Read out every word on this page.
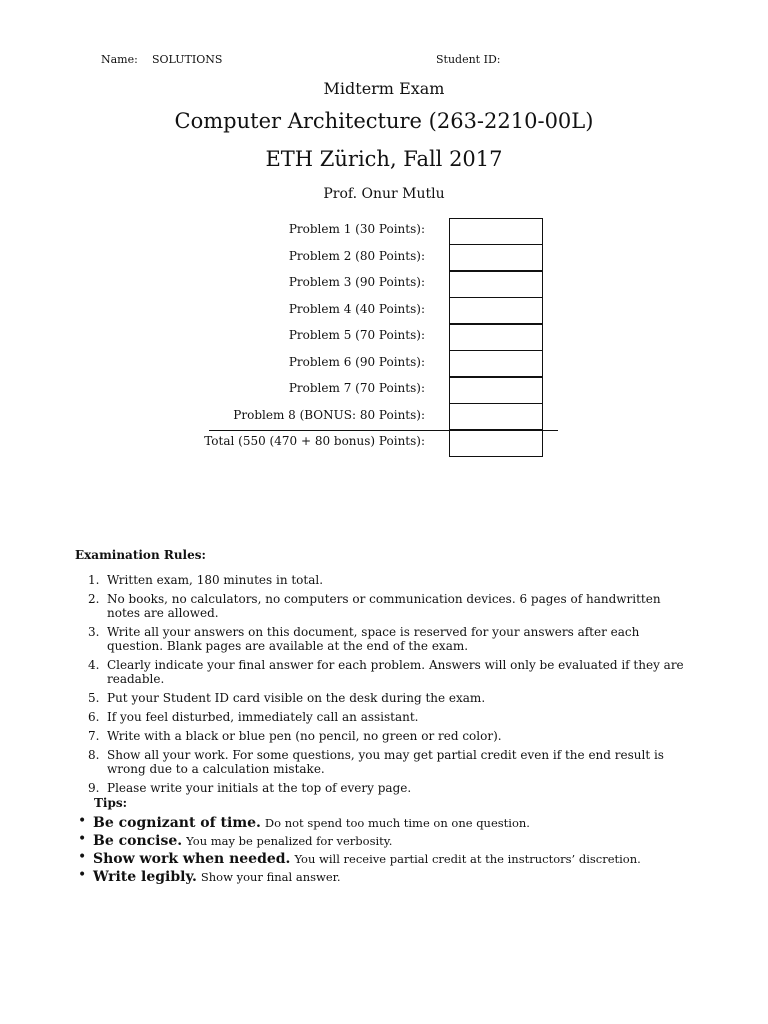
Name: SOLUTIONS	Student ID:
Midterm Exam
Computer Architecture (263-2210-00L)
ETH Zürich, Fall 2017
Prof. Onur Mutlu
Problem 1 (30 Points):
Problem 2 (80 Points):
Problem 3 (90 Points):
Problem 4 (40 Points):
Problem 5 (70 Points):
Problem 6 (90 Points):
Problem 7 (70 Points):
Problem 8 (BONUS: 80 Points):
Total (550 (470 + 80 bonus) Points):
Examination Rules:
1. Written exam, 180 minutes in total.
2. No books, no calculators, no computers or communication devices. 6 pages of handwritten notes are allowed.
3. Write all your answers on this document, space is reserved for your answers after each question. Blank pages are available at the end of the exam.
4. Clearly indicate your final answer for each problem. Answers will only be evaluated if they are readable.
5. Put your Student ID card visible on the desk during the exam.
6. If you feel disturbed, immediately call an assistant.
7. Write with a black or blue pen (no pencil, no green or red color).
8. Show all your work. For some questions, you may get partial credit even if the end result is wrong due to a calculation mistake.
9. Please write your initials at the top of every page.
Tips:
• Be cognizant of time. Do not spend too much time on one question.
• Be concise. You may be penalized for verbosity.
• Show work when needed. You will receive partial credit at the instructors’ discretion.
• Write legibly. Show your final answer.
